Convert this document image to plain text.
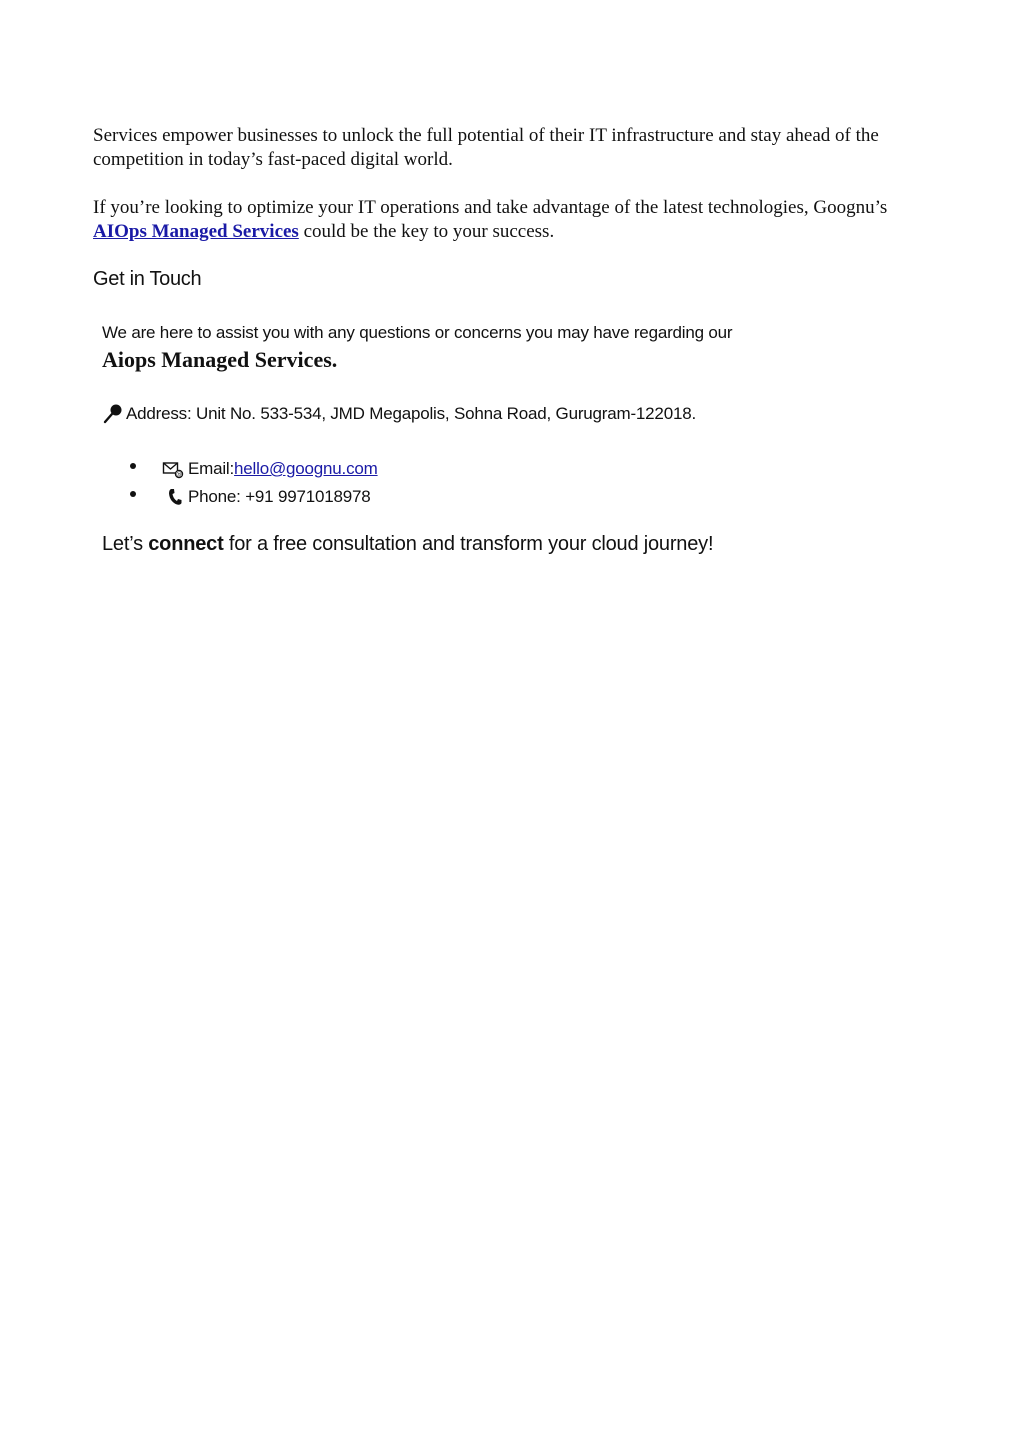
Services empower businesses to unlock the full potential of their IT infrastructure and stay ahead of the competition in today’s fast-paced digital world.

If you’re looking to optimize your IT operations and take advantage of the latest technologies, Goognu’s AIOps Managed Services could be the key to your success.

Get in Touch

We are here to assist you with any questions or concerns you may have regarding our

Aiops Managed Services.

Address: Unit No. 533-534, JMD Megapolis, Sohna Road, Gurugram-122018.
@ Email: hello@goognu.com
Phone: +91 9971018978

Let’s connect for a free consultation and transform your cloud journey!
